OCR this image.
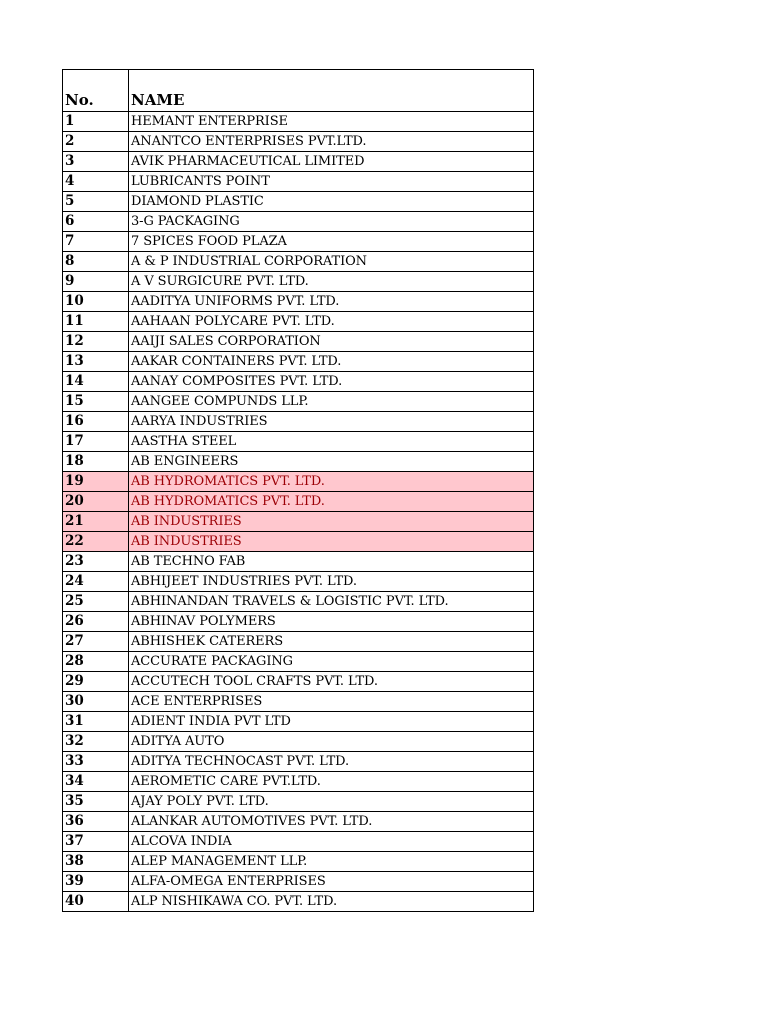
No.	NAME
1	HEMANT ENTERPRISE
2	ANANTCO ENTERPRISES PVT.LTD.
3	AVIK PHARMACEUTICAL LIMITED
4	LUBRICANTS POINT
5	DIAMOND PLASTIC
6	3-G PACKAGING
7	7 SPICES FOOD PLAZA
8	A & P INDUSTRIAL CORPORATION
9	A V SURGICURE PVT. LTD.
10	AADITYA UNIFORMS PVT. LTD.
11	AAHAAN POLYCARE PVT. LTD.
12	AAIJI SALES CORPORATION
13	AAKAR CONTAINERS PVT. LTD.
14	AANAY COMPOSITES PVT. LTD.
15	AANGEE COMPUNDS LLP.
16	AARYA INDUSTRIES
17	AASTHA STEEL
18	AB ENGINEERS
19	AB HYDROMATICS PVT. LTD.
20	AB HYDROMATICS PVT. LTD.
21	AB INDUSTRIES
22	AB INDUSTRIES
23	AB TECHNO FAB
24	ABHIJEET INDUSTRIES PVT. LTD.
25	ABHINANDAN TRAVELS & LOGISTIC PVT. LTD.
26	ABHINAV POLYMERS
27	ABHISHEK CATERERS
28	ACCURATE PACKAGING
29	ACCUTECH TOOL CRAFTS PVT. LTD.
30	ACE ENTERPRISES
31	ADIENT INDIA PVT LTD
32	ADITYA AUTO
33	ADITYA TECHNOCAST PVT. LTD.
34	AEROMETIC CARE PVT.LTD.
35	AJAY POLY PVT. LTD.
36	ALANKAR AUTOMOTIVES PVT. LTD.
37	ALCOVA INDIA
38	ALEP MANAGEMENT LLP.
39	ALFA-OMEGA ENTERPRISES
40	ALP NISHIKAWA CO. PVT. LTD.
